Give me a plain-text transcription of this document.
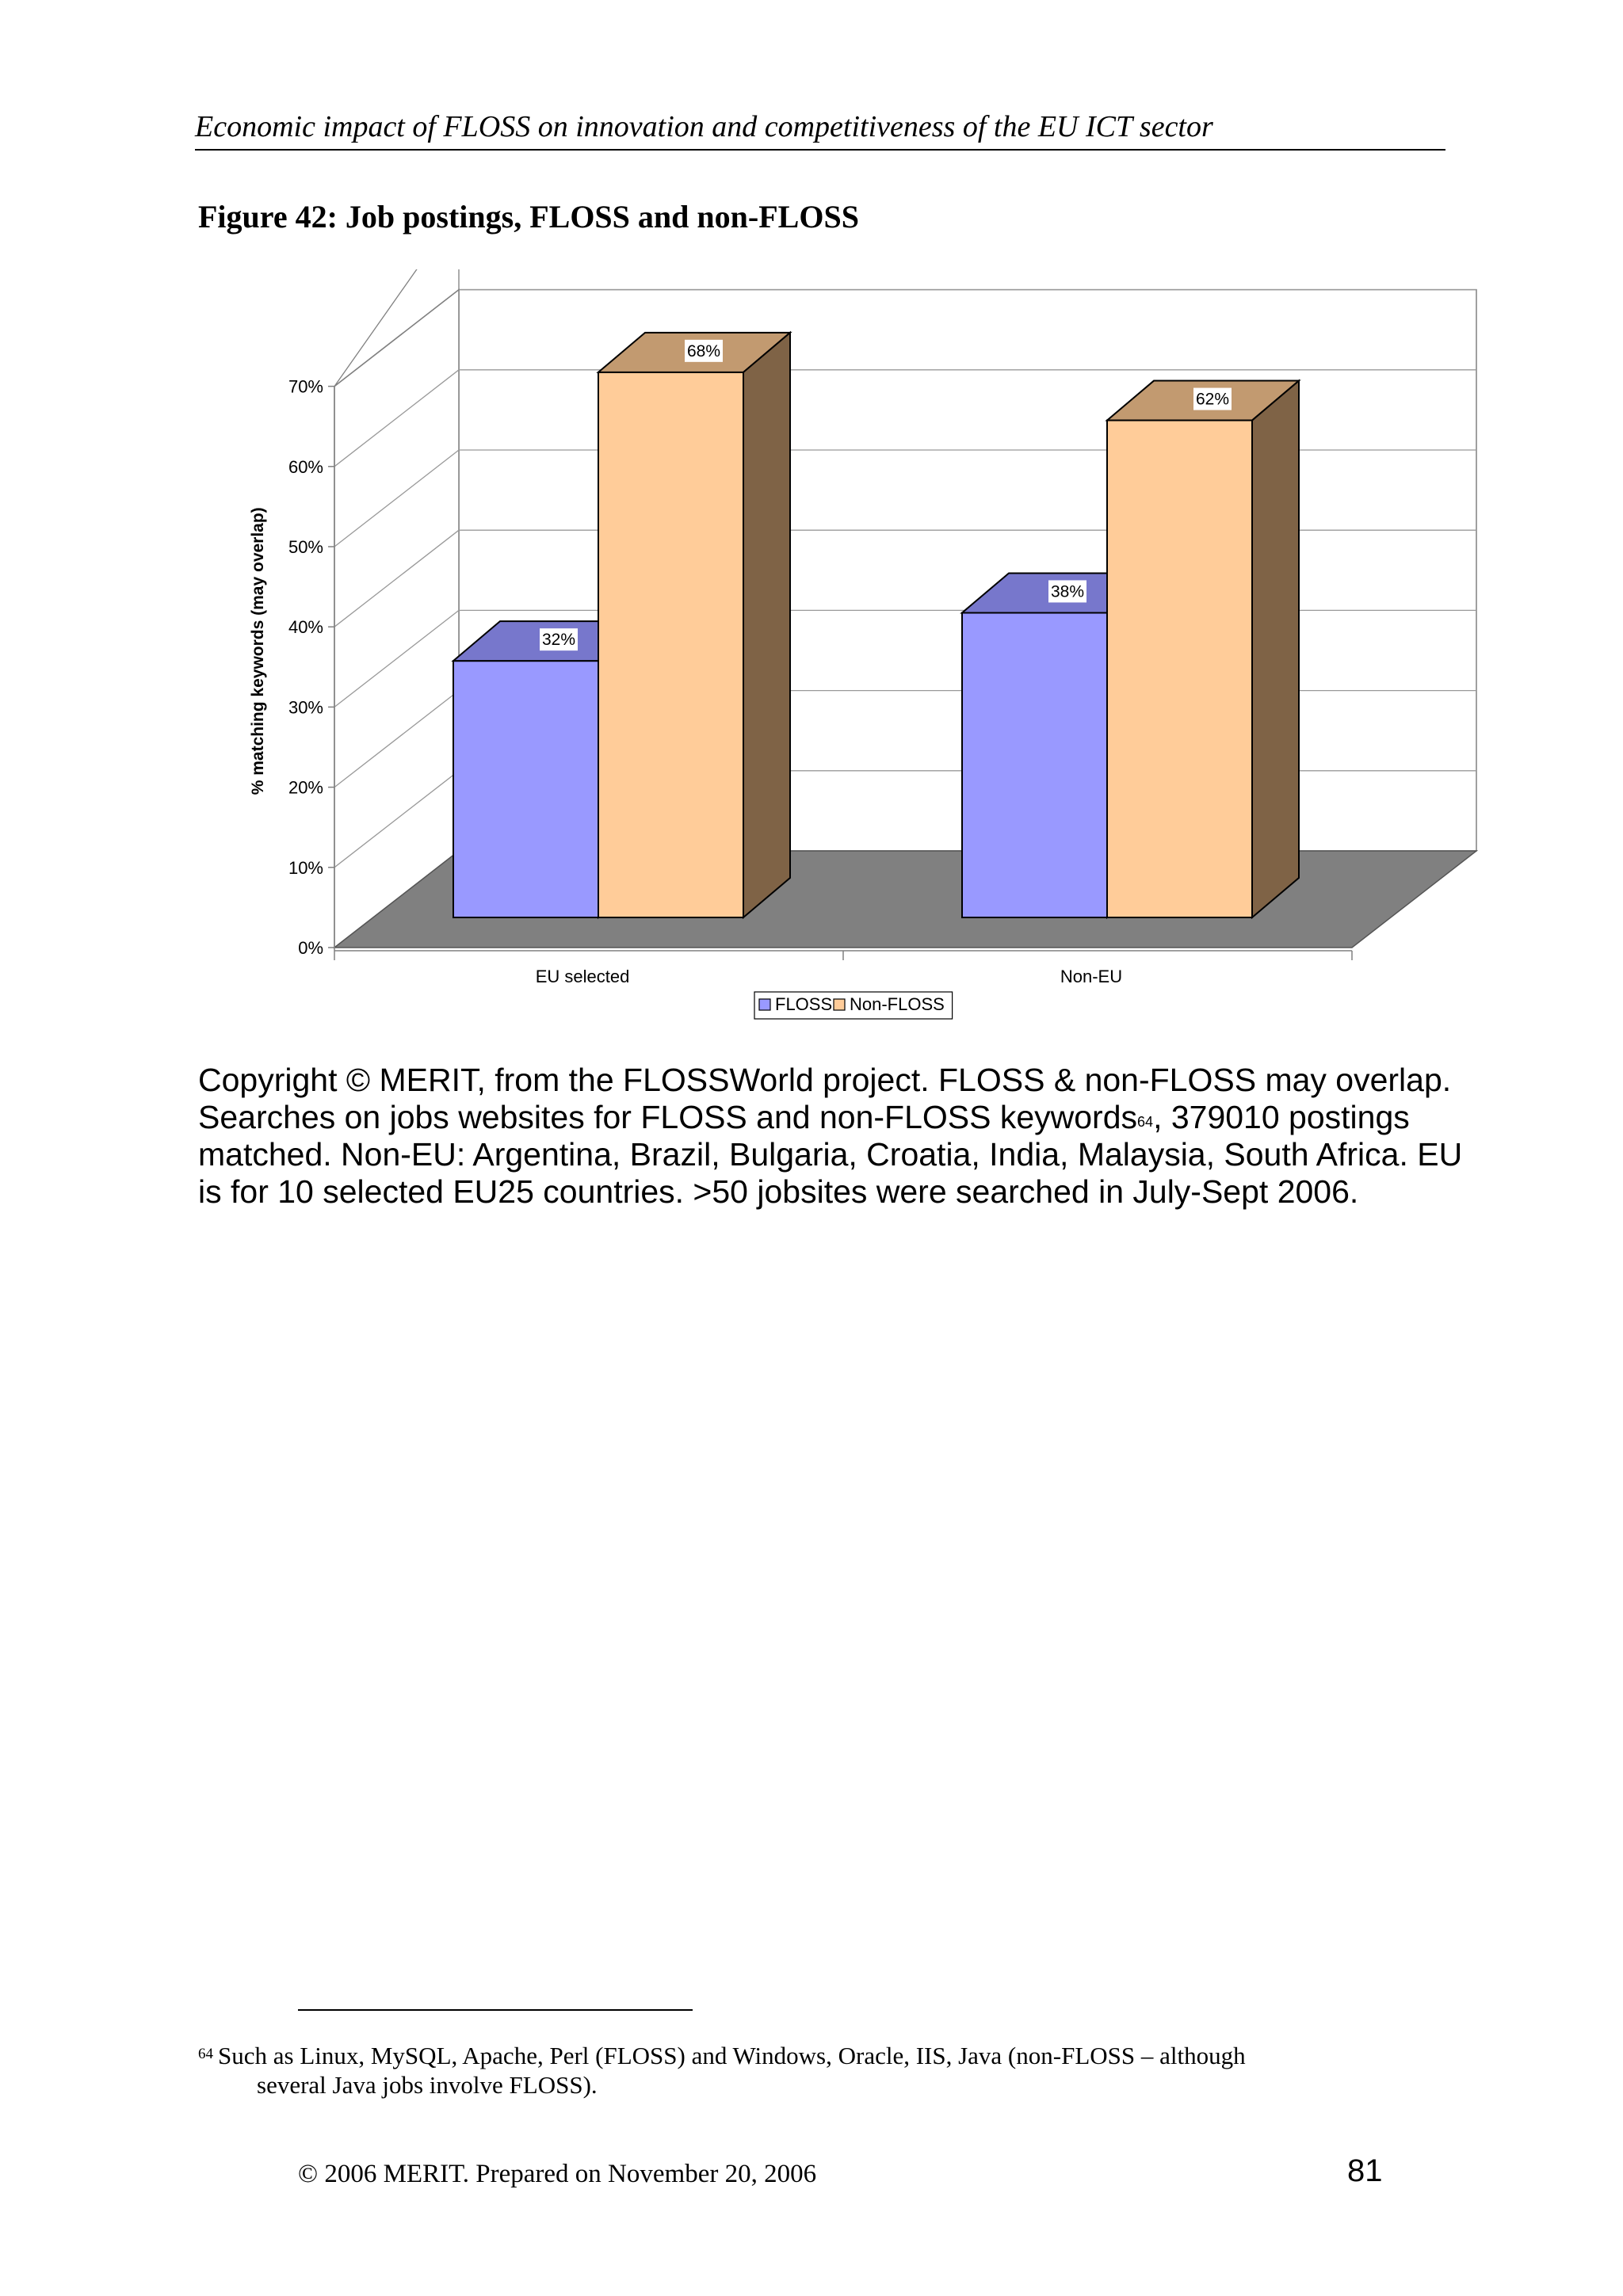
Economic impact of FLOSS on innovation and competitiveness of the EU ICT sector
Figure 42: Job postings, FLOSS and non-FLOSS
32%
68%
38%
62%
0%
10%
20%
30%
40%
50%
60%
70%
% matching keywords (may overlap)
EU selected	Non-EU
FLOSS Non-FLOSS
Copyright © MERIT, from the FLOSSWorld project. FLOSS & non-FLOSS may overlap. Searches on jobs websites for FLOSS and non-FLOSS keywords$^{64}$, 379010 postings matched. Non-EU: Argentina, Brazil, Bulgaria, Croatia, India, Malaysia, South Africa. EU is for 10 selected EU25 countries. >50 jobsites were searched in July-Sept 2006.
$^{64}$ Such as Linux, MySQL, Apache, Perl (FLOSS) and Windows, Oracle, IIS, Java (non-FLOSS – although
several Java jobs involve FLOSS).
© 2006 MERIT. Prepared on November 20, 2006	81
